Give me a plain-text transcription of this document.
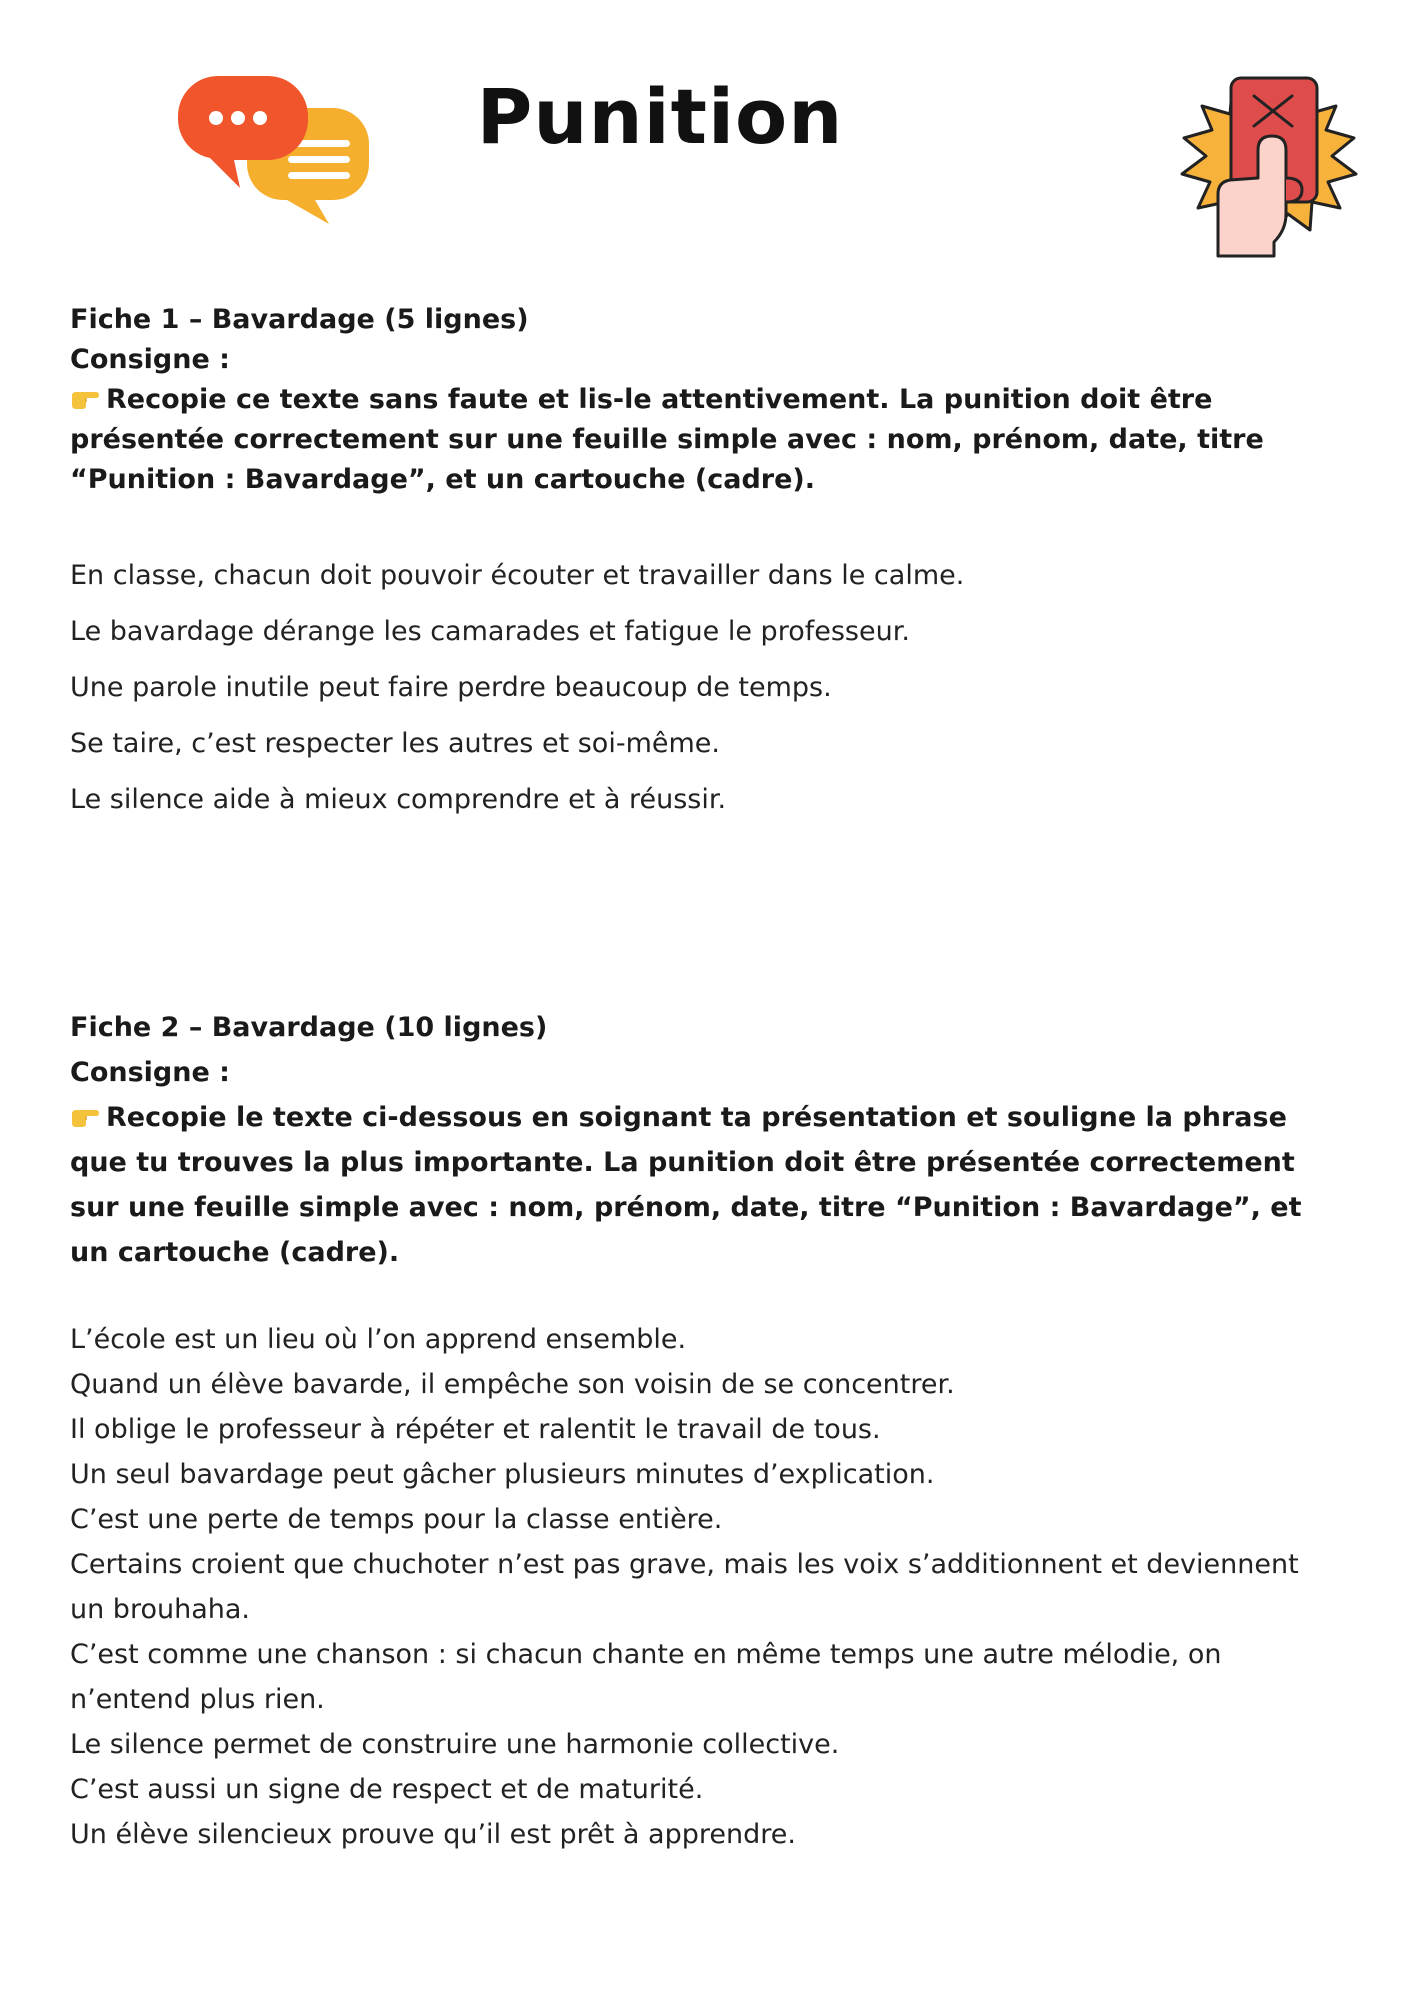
Punition

Fiche 1 – Bavardage (5 lignes)

Consigne :

Recopie ce texte sans faute et lis-le attentivement. La punition doit être présentée correctement sur une feuille simple avec : nom, prénom, date, titre “Punition : Bavardage”, et un cartouche (cadre).

En classe, chacun doit pouvoir écouter et travailler dans le calme.
Le bavardage dérange les camarades et fatigue le professeur.
Une parole inutile peut faire perdre beaucoup de temps.
Se taire, c’est respecter les autres et soi-même.
Le silence aide à mieux comprendre et à réussir.

Fiche 2 – Bavardage (10 lignes)

Consigne :

Recopie le texte ci-dessous en soignant ta présentation et souligne la phrase que tu trouves la plus importante. La punition doit être présentée correctement sur une feuille simple avec : nom, prénom, date, titre “Punition : Bavardage”, et un cartouche (cadre).

L’école est un lieu où l’on apprend ensemble.
Quand un élève bavarde, il empêche son voisin de se concentrer.
Il oblige le professeur à répéter et ralentit le travail de tous.
Un seul bavardage peut gâcher plusieurs minutes d’explication.
C’est une perte de temps pour la classe entière.
Certains croient que chuchoter n’est pas grave, mais les voix s’additionnent et deviennent un brouhaha.
C’est comme une chanson : si chacun chante en même temps une autre mélodie, on n’entend plus rien.
Le silence permet de construire une harmonie collective.
C’est aussi un signe de respect et de maturité.
Un élève silencieux prouve qu’il est prêt à apprendre.
